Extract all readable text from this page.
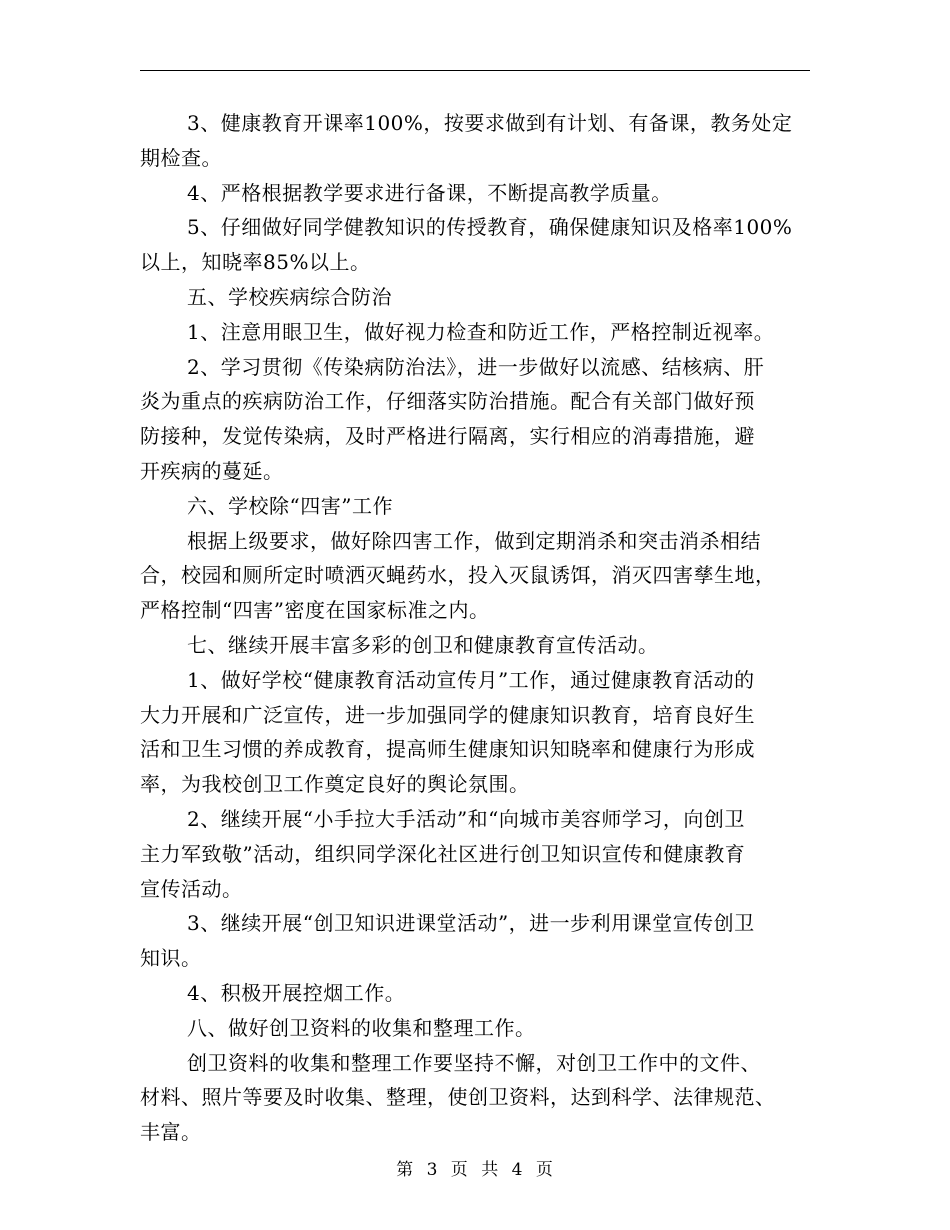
3、健康教育开课率100%，按要求做到有计划、有备课，教务处定
期检查。
4、严格根据教学要求进行备课，不断提高教学质量。
5、仔细做好同学健教知识的传授教育，确保健康知识及格率100%
以上，知晓率85%以上。
五、学校疾病综合防治
1、注意用眼卫生，做好视力检查和防近工作，严格控制近视率。
2、学习贯彻《传染病防治法》，进一步做好以流感、结核病、肝
炎为重点的疾病防治工作，仔细落实防治措施。配合有关部门做好预
防接种，发觉传染病，及时严格进行隔离，实行相应的消毒措施，避
开疾病的蔓延。
六、学校除“四害”工作
根据上级要求，做好除四害工作，做到定期消杀和突击消杀相结
合，校园和厕所定时喷洒灭蝇药水，投入灭鼠诱饵，消灭四害孳生地，
严格控制“四害”密度在国家标准之内。
七、继续开展丰富多彩的创卫和健康教育宣传活动。
1、做好学校“健康教育活动宣传月”工作，通过健康教育活动的
大力开展和广泛宣传，进一步加强同学的健康知识教育，培育良好生
活和卫生习惯的养成教育，提高师生健康知识知晓率和健康行为形成
率，为我校创卫工作奠定良好的舆论氛围。
2、继续开展“小手拉大手活动”和“向城市美容师学习，向创卫
主力军致敬”活动，组织同学深化社区进行创卫知识宣传和健康教育
宣传活动。
3、继续开展“创卫知识进课堂活动”，进一步利用课堂宣传创卫
知识。
4、积极开展控烟工作。
八、做好创卫资料的收集和整理工作。
创卫资料的收集和整理工作要坚持不懈，对创卫工作中的文件、
材料、照片等要及时收集、整理，使创卫资料，达到科学、法律规范、
丰富。
第 3 页 共 4 页
